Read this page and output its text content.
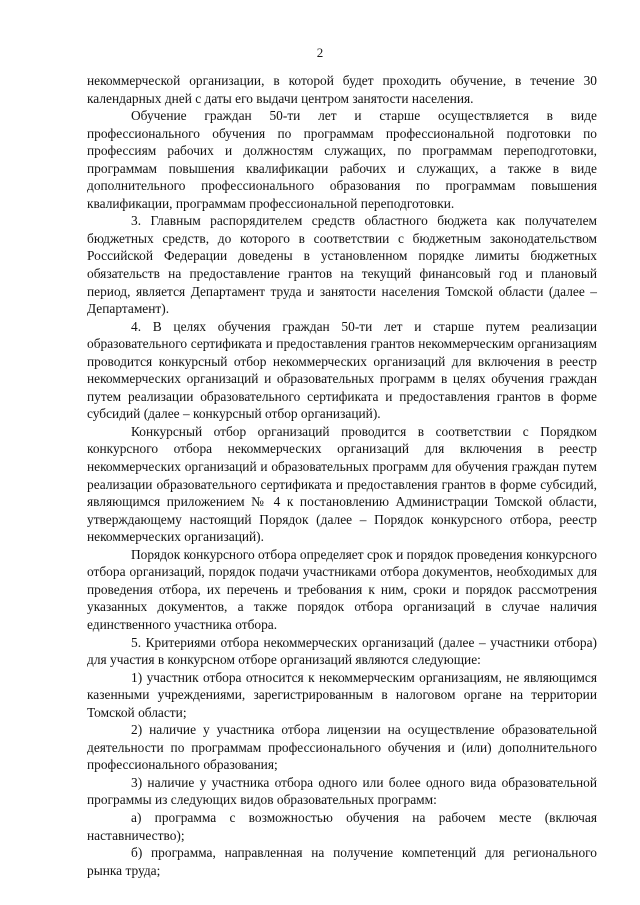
2

некоммерческой организации, в которой будет проходить обучение, в течение 30 календарных дней с даты его выдачи центром занятости населения.

Обучение граждан 50-ти лет и старше осуществляется в виде профессионального обучения по программам профессиональной подготовки по профессиям рабочих и должностям служащих, по программам переподготовки, программам повышения квалификации рабочих и служащих, а также в виде дополнительного профессионального образования по программам повышения квалификации, программам профессиональной переподготовки.

3. Главным распорядителем средств областного бюджета как получателем бюджетных средств, до которого в соответствии с бюджетным законодательством Российской Федерации доведены в установленном порядке лимиты бюджетных обязательств на предоставление грантов на текущий финансовый год и плановый период, является Департамент труда и занятости населения Томской области (далее – Департамент).

4. В целях обучения граждан 50-ти лет и старше путем реализации образовательного сертификата и предоставления грантов некоммерческим организациям проводится конкурсный отбор некоммерческих организаций для включения в реестр некоммерческих организаций и образовательных программ в целях обучения граждан путем реализации образовательного сертификата и предоставления грантов в форме субсидий (далее – конкурсный отбор организаций).

Конкурсный отбор организаций проводится в соответствии с Порядком конкурсного отбора некоммерческих организаций для включения в реестр некоммерческих организаций и образовательных программ для обучения граждан путем реализации образовательного сертификата и предоставления грантов в форме субсидий, являющимся приложением № 4 к постановлению Администрации Томской области, утверждающему настоящий Порядок (далее – Порядок конкурсного отбора, реестр некоммерческих организаций).

Порядок конкурсного отбора определяет срок и порядок проведения конкурсного отбора организаций, порядок подачи участниками отбора документов, необходимых для проведения отбора, их перечень и требования к ним, сроки и порядок рассмотрения указанных документов, а также порядок отбора организаций в случае наличия единственного участника отбора.

5. Критериями отбора некоммерческих организаций (далее – участники отбора) для участия в конкурсном отборе организаций являются следующие:

1) участник отбора относится к некоммерческим организациям, не являющимся казенными учреждениями, зарегистрированным в налоговом органе на территории Томской области;

2) наличие у участника отбора лицензии на осуществление образовательной деятельности по программам профессионального обучения и (или) дополнительного профессионального образования;

3) наличие у участника отбора одного или более одного вида образовательной программы из следующих видов образовательных программ:

а) программа с возможностью обучения на рабочем месте (включая наставничество);

б) программа, направленная на получение компетенций для регионального рынка труда;
